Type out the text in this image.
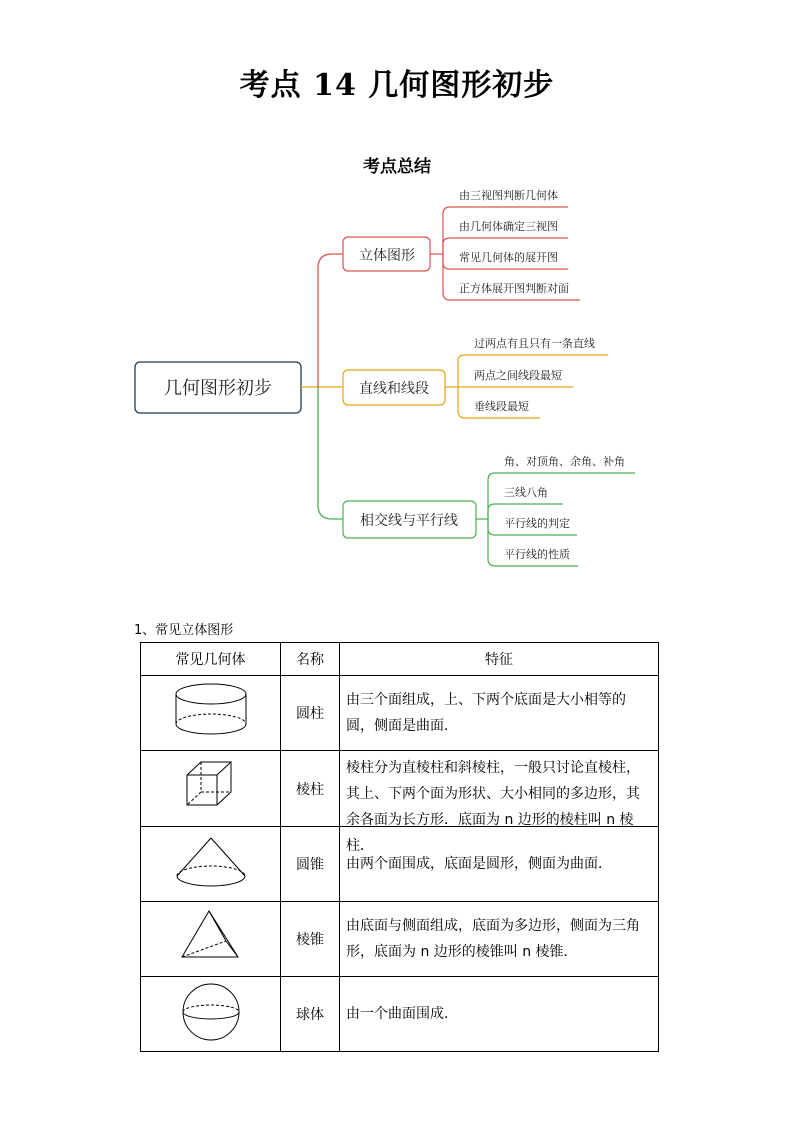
考点 14 几何图形初步
考点总结
几何图形初步
立体图形
由三视图判断几何体
由几何体确定三视图
常见几何体的展开图
正方体展开图判断对面
直线和线段
过两点有且只有一条直线
两点之间线段最短
垂线段最短
相交线与平行线
角、对顶角、余角、补角
三线八角
平行线的判定
平行线的性质
1、常见立体图形
常见几何体	名称	特征
	圆柱	由三个面组成，上、下两个底面是大小相等的圆，侧面是曲面．
	棱柱	棱柱分为直棱柱和斜棱柱，一般只讨论直棱柱，其上、下两个面为形状、大小相同的多边形，其余各面为长方形．底面为 n 边形的棱柱叫 n 棱柱．

	圆锥	由两个面围成，底面是圆形，侧面为曲面．
	棱锥	由底面与侧面组成，底面为多边形，侧面为三角形，底面为 n 边形的棱锥叫 n 棱锥．
	球体	由一个曲面围成．
